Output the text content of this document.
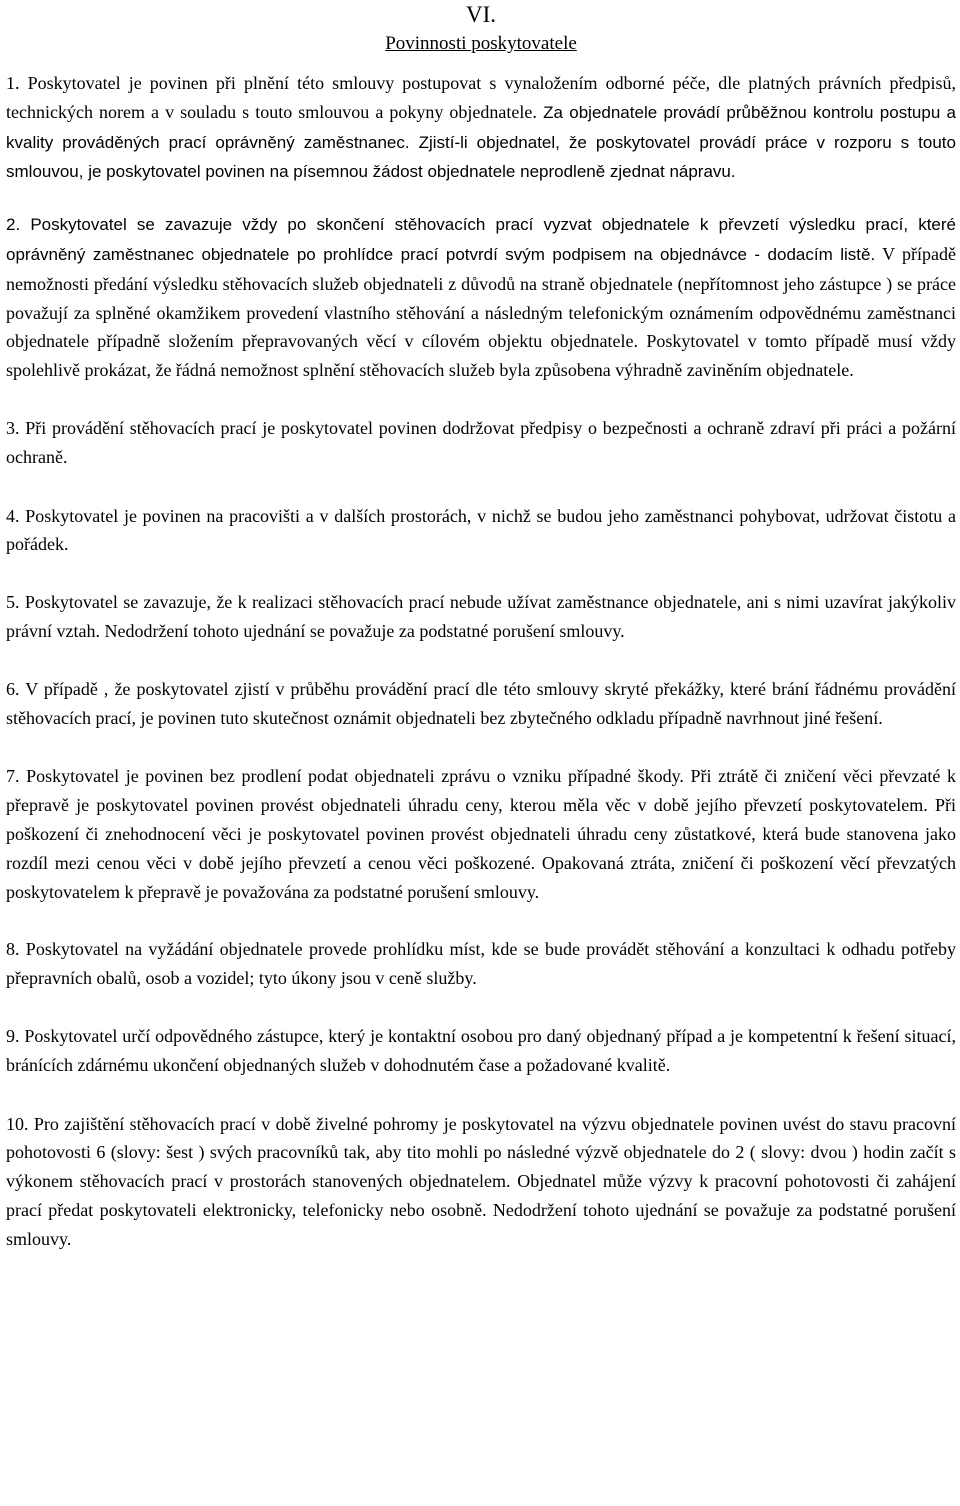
VI.
Povinnosti poskytovatele

1. Poskytovatel je povinen při plnění této smlouvy postupovat s vynaložením odborné péče, dle platných právních předpisů, technických norem a v souladu s touto smlouvou a pokyny objednatele. Za objednatele provádí průběžnou kontrolu postupu a kvality prováděných prací oprávněný zaměstnanec. Zjistí-li objednatel, že poskytovatel provádí práce v rozporu s touto smlouvou, je poskytovatel povinen na písemnou žádost objednatele neprodleně zjednat nápravu.

2. Poskytovatel se zavazuje vždy po skončení stěhovacích prací vyzvat objednatele k převzetí výsledku prací, které oprávněný zaměstnanec objednatele po prohlídce prací potvrdí svým podpisem na objednávce - dodacím listě. V případě nemožnosti předání výsledku stěhovacích služeb objednateli z důvodů na straně objednatele (nepřítomnost jeho zástupce ) se práce považují za splněné okamžikem provedení vlastního stěhování a následným telefonickým oznámením odpovědnému zaměstnanci objednatele případně složením přepravovaných věcí v cílovém objektu objednatele. Poskytovatel v tomto případě musí vždy spolehlivě prokázat, že řádná nemožnost splnění stěhovacích služeb byla způsobena výhradně zaviněním objednatele.

3. Při provádění stěhovacích prací je poskytovatel povinen dodržovat předpisy o bezpečnosti a ochraně zdraví při práci a požární ochraně.

4. Poskytovatel je povinen na pracovišti a v dalších prostorách, v nichž se budou jeho zaměstnanci pohybovat, udržovat čistotu a pořádek.

5. Poskytovatel se zavazuje, že k realizaci stěhovacích prací nebude užívat zaměstnance objednatele, ani s nimi uzavírat jakýkoliv právní vztah. Nedodržení tohoto ujednání se považuje za podstatné porušení smlouvy.

6. V případě , že poskytovatel zjistí v průběhu provádění prací dle této smlouvy skryté překážky, které brání řádnému provádění stěhovacích prací, je povinen tuto skutečnost oznámit objednateli bez zbytečného odkladu případně navrhnout jiné řešení.

7. Poskytovatel je povinen bez prodlení podat objednateli zprávu o vzniku případné škody. Při ztrátě či zničení věci převzaté k přepravě je poskytovatel povinen provést objednateli úhradu ceny, kterou měla věc v době jejího převzetí poskytovatelem. Při poškození či znehodnocení věci je poskytovatel povinen provést objednateli úhradu ceny zůstatkové, která bude stanovena jako rozdíl mezi cenou věci v době jejího převzetí a cenou věci poškozené. Opakovaná ztráta, zničení či poškození věcí převzatých poskytovatelem k přepravě je považována za podstatné porušení smlouvy.

8. Poskytovatel na vyžádání objednatele provede prohlídku míst, kde se bude provádět stěhování a konzultaci k odhadu potřeby přepravních obalů, osob a vozidel; tyto úkony jsou v ceně služby.

9. Poskytovatel určí odpovědného zástupce, který je kontaktní osobou pro daný objednaný případ a je kompetentní k řešení situací, bránících zdárnému ukončení objednaných služeb v dohodnutém čase a požadované kvalitě.

10. Pro zajištění stěhovacích prací v době živelné pohromy je poskytovatel na výzvu objednatele povinen uvést do stavu pracovní pohotovosti 6 (slovy: šest ) svých pracovníků tak, aby tito mohli po následné výzvě objednatele do 2 ( slovy: dvou ) hodin začít s výkonem stěhovacích prací v prostorách stanovených objednatelem. Objednatel může výzvy k pracovní pohotovosti či zahájení prací předat poskytovateli elektronicky, telefonicky nebo osobně. Nedodržení tohoto ujednání se považuje za podstatné porušení smlouvy.
